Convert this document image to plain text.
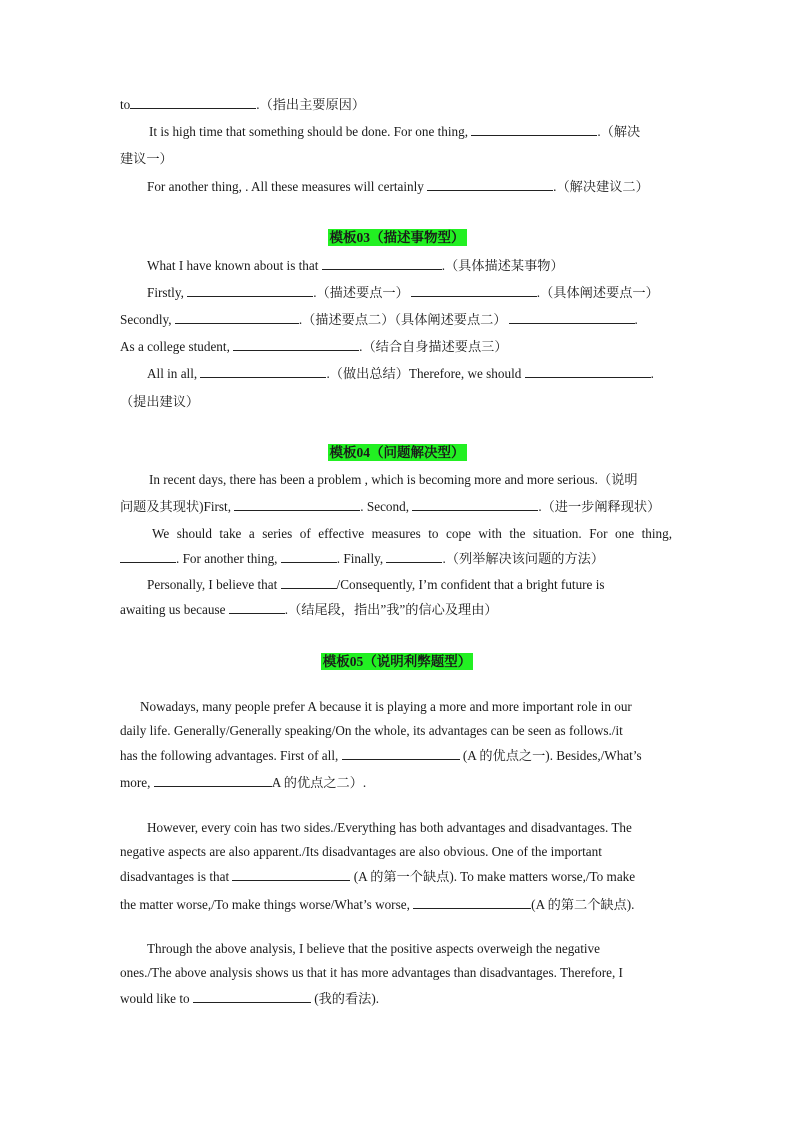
to	.（指出主要原因）
It is high time that something should be done. For one thing,	.（解决
建议一）
For another thing, . All these measures will certainly	.（解决建议二）
模板03（描述事物型）
What I have known about is that	.（具体描述某事物）
Firstly,	.（描述要点一）	.（具体阐述要点一）
Secondly,	.（描述要点二）（具体阐述要点二）	.
As a college student,	.（结合自身描述要点三）
All in all,	.（做出总结）Therefore, we should	.
（提出建议）
模板04（问题解决型）
In recent days, there has been a problem , which is becoming more and more serious.（说明
问题及其现状)First,	. Second,	.（进一步阐释现状）
We should take a series of effective measures to cope with the situation. For one thing,
. For another thing,	. Finally,	.（列举解决该问题的方法）
Personally, I believe that	/Consequently, I’m confident that a bright future is
awaiting us because	.（结尾段，指出”我”的信心及理由）
模板05（说明利弊题型）
Nowadays, many people prefer A because it is playing a more and more important role in our
daily life. Generally/Generally speaking/On the whole, its advantages can be seen as follows./it
has the following advantages. First of all,	(A 的优点之一). Besides,/What’s
more,	A 的优点之二）.
However, every coin has two sides./Everything has both advantages and disadvantages. The
negative aspects are also apparent./Its disadvantages are also obvious. One of the important
disadvantages is that	(A 的第一个缺点). To make matters worse,/To make
the matter worse,/To make things worse/What’s worse,	(A 的第二个缺点).
Through the above analysis, I believe that the positive aspects overweigh the negative
ones./The above analysis shows us that it has more advantages than disadvantages. Therefore, I
would like to	(我的看法).
